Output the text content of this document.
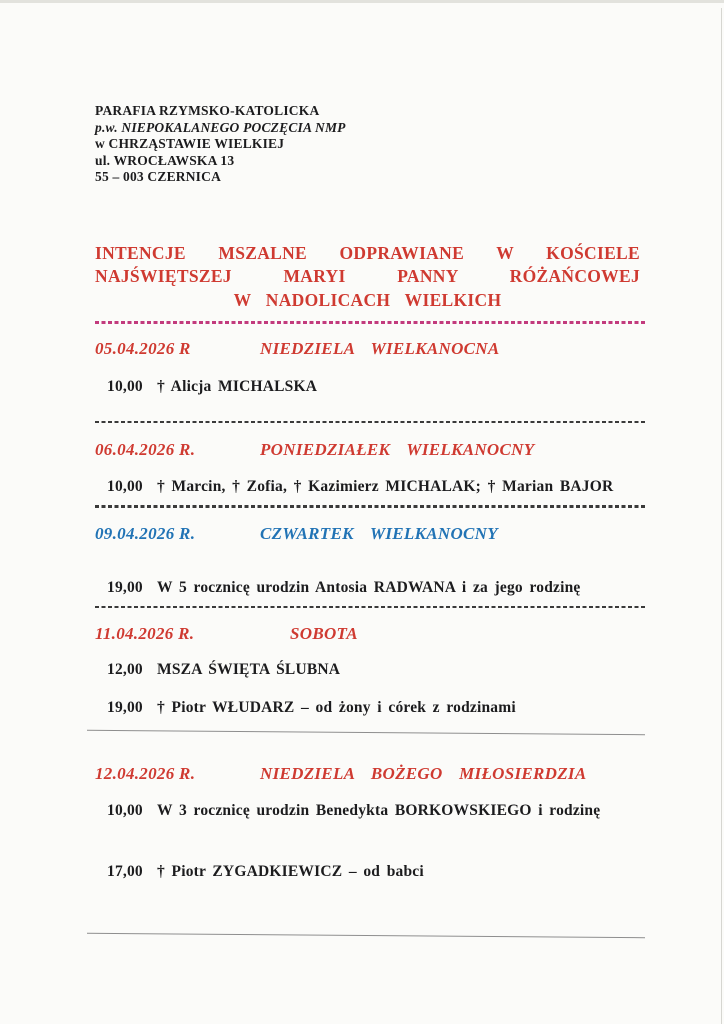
PARAFIA RZYMSKO-KATOLICKA
p.w. NIEPOKALANEGO POCZĘCIA NMP
w CHRZĄSTAWIE WIELKIEJ
ul. WROCŁAWSKA 13
55 – 003 CZERNICA
INTENCJE MSZALNE ODPRAWIANE W KOŚCIELE
NAJŚWIĘTSZEJ MARYI PANNY RÓŻAŃCOWEJ
W NADOLICACH WIELKICH
05.04.2026 R	NIEDZIELA WIELKANOCNA
10,00 † Alicja MICHALSKA
06.04.2026 R.	PONIEDZIAŁEK WIELKANOCNY
10,00 † Marcin, † Zofia, † Kazimierz MICHALAK; † Marian BAJOR
09.04.2026 R.	CZWARTEK WIELKANOCNY
19,00 W 5 rocznicę urodzin Antosia RADWANA i za jego rodzinę
11.04.2026 R.	SOBOTA
12,00 MSZA ŚWIĘTA ŚLUBNA
19,00 † Piotr WŁUDARZ – od żony i córek z rodzinami
12.04.2026 R.	NIEDZIELA BOŻEGO MIŁOSIERDZIA
10,00 W 3 rocznicę urodzin Benedykta BORKOWSKIEGO i rodzinę
17,00 † Piotr ZYGADKIEWICZ – od babci
